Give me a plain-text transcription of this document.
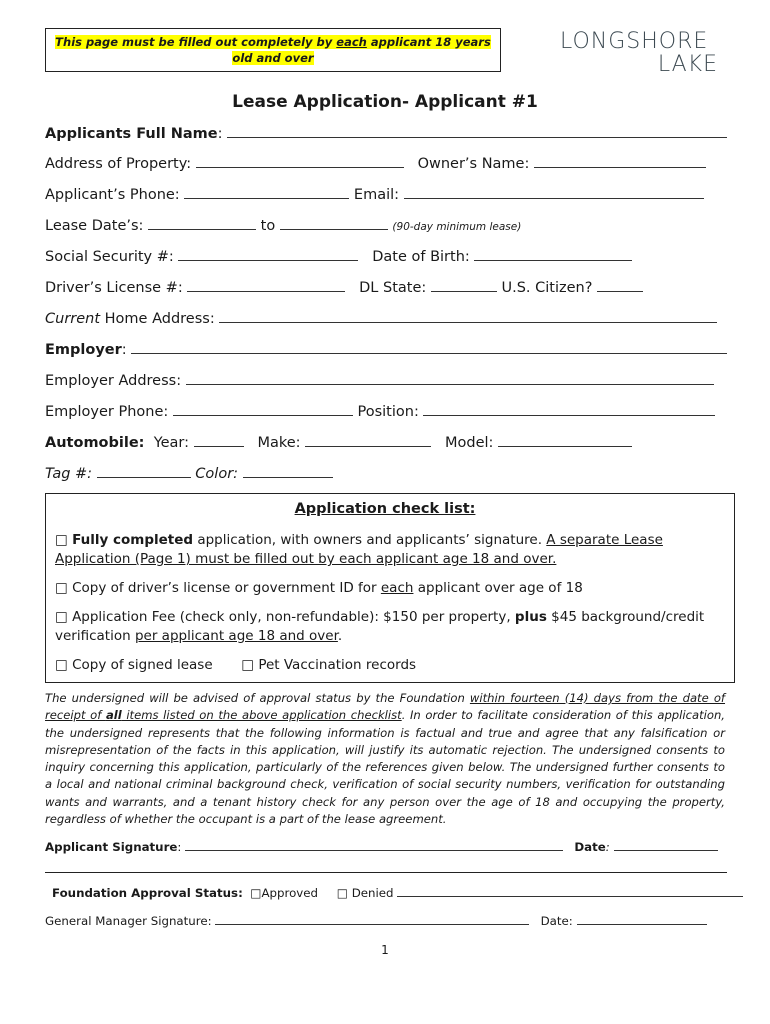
This page must be filled out completely by each applicant 18 years old and over
LONGSHORE
LAKE
Lease Application- Applicant #1
Applicants Full Name:
Address of Property:	Owner’s Name:
Applicant’s Phone:	Email:
Lease Date’s:	to	(90-day minimum lease)
Social Security #:	Date of Birth:
Driver’s License #:	DL State:	U.S. Citizen?
Current Home Address:
Employer:
Employer Address:
Employer Phone:	Position:
Automobile: Year:	Make:	Model:
Tag #:	Color:
Application check list:
□ Fully completed application, with owners and applicants’ signature. A separate Lease Application (Page 1) must be filled out by each applicant age 18 and over.
□ Copy of driver’s license or government ID for each applicant over age of 18
□ Application Fee (check only, non-refundable): $150 per property, plus $45 background/credit verification per applicant age 18 and over.
□ Copy of signed lease □ Pet Vaccination records
The undersigned will be advised of approval status by the Foundation within fourteen (14) days from the date of receipt of all items listed on the above application checklist. In order to facilitate consideration of this application, the undersigned represents that the following information is factual and true and agree that any falsification or misrepresentation of the facts in this application, will justify its automatic rejection. The undersigned consents to inquiry concerning this application, particularly of the references given below. The undersigned further consents to a local and national criminal background check, verification of social security numbers, verification for outstanding wants and warrants, and a tenant history check for any person over the age of 18 and occupying the property, regardless of whether the occupant is a part of the lease agreement.
Applicant Signature:	Date:
Foundation Approval Status: □Approved □ Denied
General Manager Signature:	Date:
1
